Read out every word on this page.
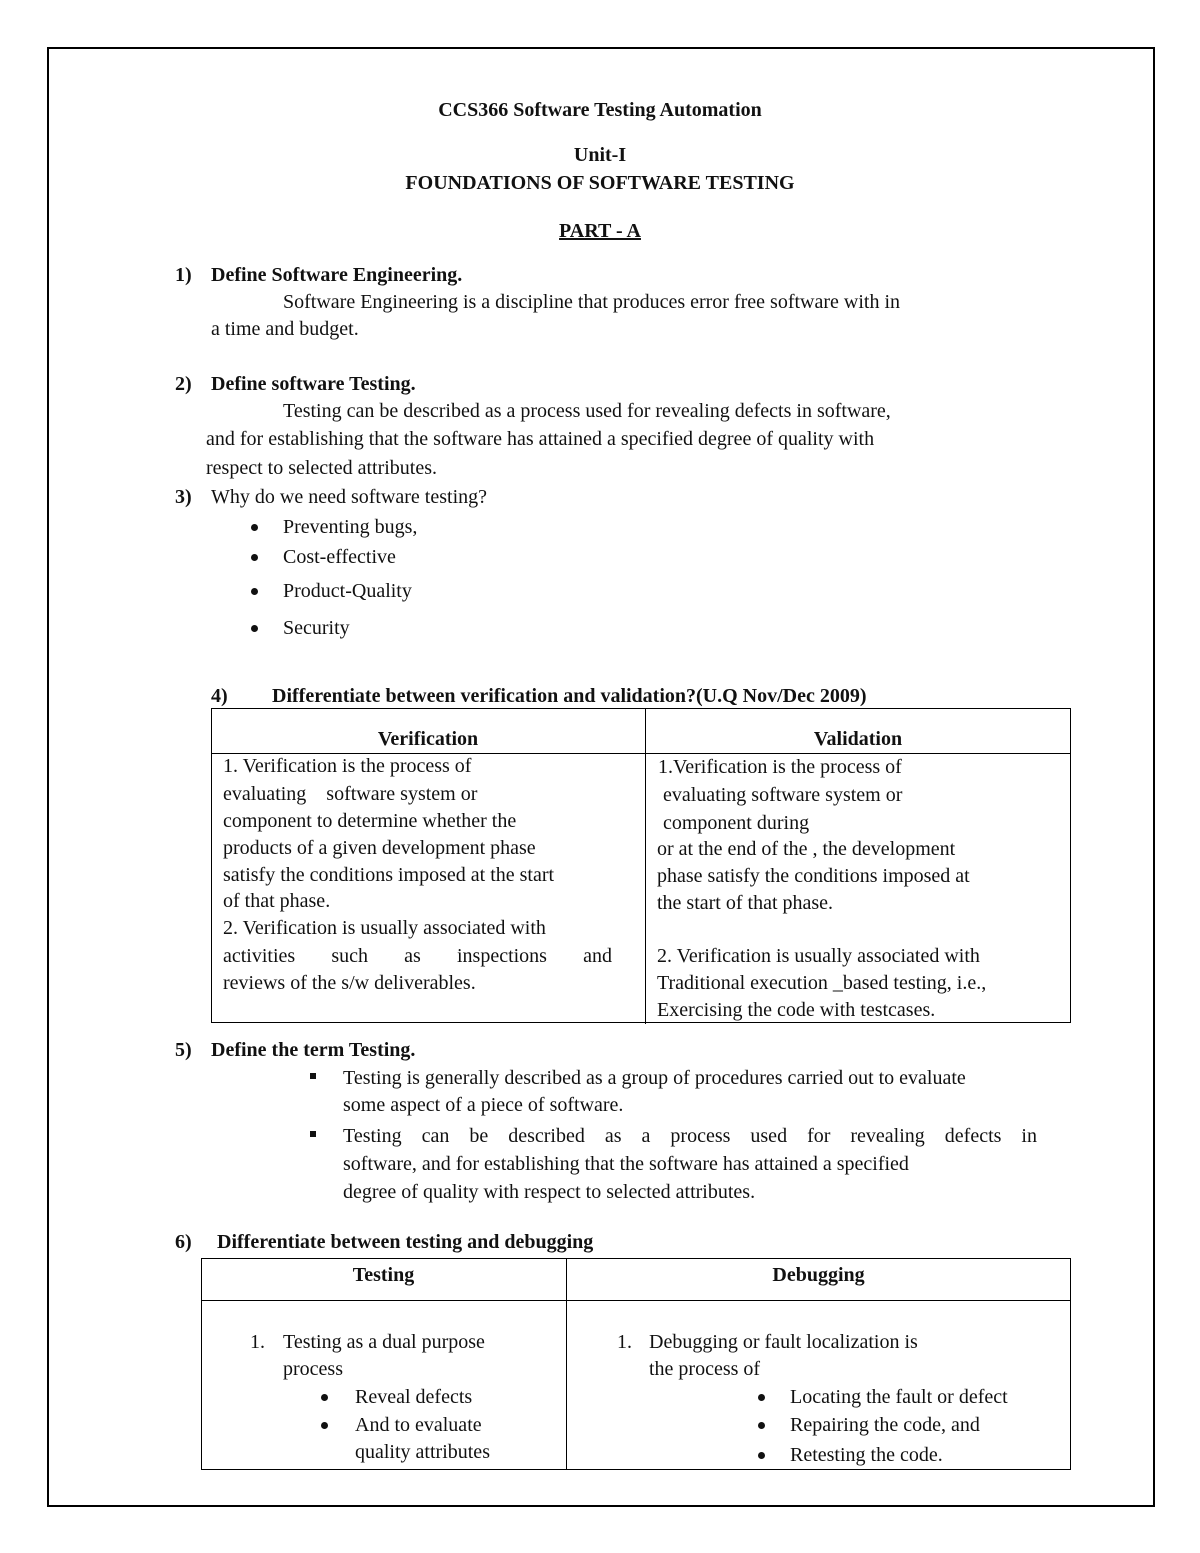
CCS366 Software Testing Automation
Unit-I
FOUNDATIONS OF SOFTWARE TESTING
PART - A
1) Define Software Engineering.
Software Engineering is a discipline that produces error free software with in
a time and budget.
2) Define software Testing.
Testing can be described as a process used for revealing defects in software,
and for establishing that the software has attained a specified degree of quality with
respect to selected attributes.
3) Why do we need software testing?
Preventing bugs,
Cost-effective
Product-Quality
Security
4) Differentiate between verification and validation?(U.Q Nov/Dec 2009)
Verification	Validation
1. Verification is the process of
evaluating    software system or
component to determine whether the
products of a given development phase
satisfy the conditions imposed at the start
of that phase.
2. Verification is usually associated with
activities such as inspections and
reviews of the s/w deliverables.
1.Verification is the process of
evaluating software system or
component during
or at the end of the , the development
phase satisfy the conditions imposed at
the start of that phase.
2. Verification is usually associated with
Traditional execution _based testing, i.e.,
Exercising the code with testcases.
5) Define the term Testing.
Testing is generally described as a group of procedures carried out to evaluate
some aspect of a piece of software.
Testing can be described as a process used for revealing defects in
software, and for establishing that the software has attained a specified
degree of quality with respect to selected attributes.
6) Differentiate between testing and debugging
Testing	Debugging
1. Testing as a dual purpose
process
Reveal defects
And to evaluate
quality attributes
1. Debugging or fault localization is
the process of
Locating the fault or defect
Repairing the code, and
Retesting the code.
